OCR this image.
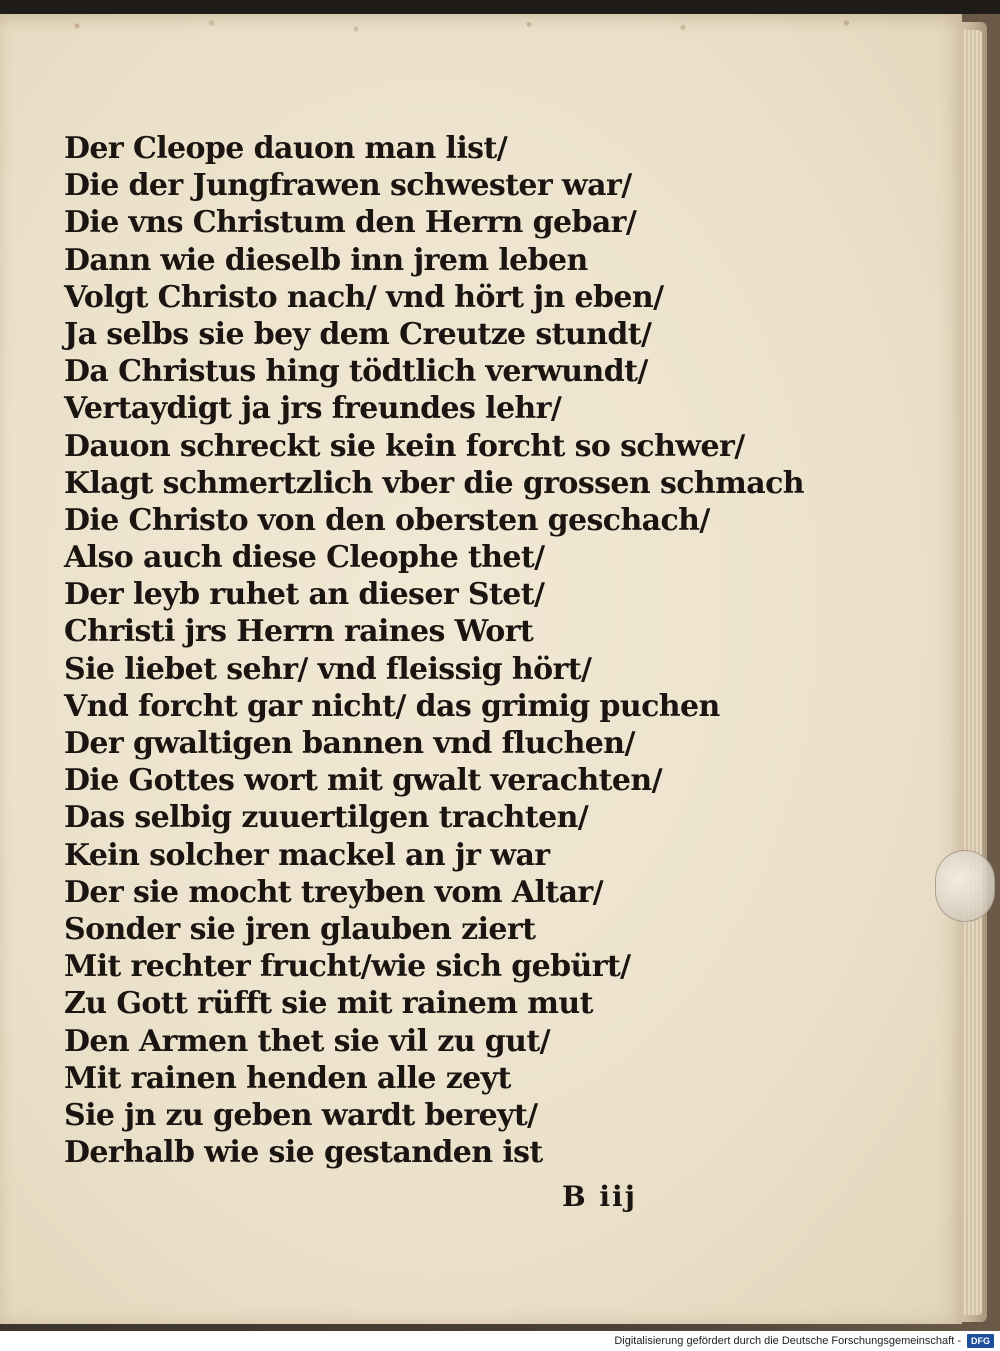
Der Cleope dauon man list/
Die der Jungfrawen schwester war/
Die vns Christum den Herrn gebar/
Dann wie dieselb inn jrem leben
Volgt Christo nach/ vnd hört jn eben/
Ja selbs sie bey dem Creutze stundt/
Da Christus hing tödtlich verwundt/
Vertaydigt ja jrs freundes lehr/
Dauon schreckt sie kein forcht so schwer/
Klagt schmertzlich vber die grossen schmach
Die Christo von den obersten geschach/
Also auch diese Cleophe thet/
Der leyb ruhet an dieser Stet/
Christi jrs Herrn raines Wort
Sie liebet sehr/ vnd fleissig hört/
Vnd forcht gar nicht/ das grimig puchen
Der gwaltigen bannen vnd fluchen/
Die Gottes wort mit gwalt verachten/
Das selbig zuuertilgen trachten/
Kein solcher mackel an jr war
Der sie mocht treyben vom Altar/
Sonder sie jren glauben ziert
Mit rechter frucht/wie sich gebürt/
Zu Gott rüfft sie mit rainem mut
Den Armen thet sie vil zu gut/
Mit rainen henden alle zeyt
Sie jn zu geben wardt bereyt/
Derhalb wie sie gestanden ist
B iij
Digitalisierung gefördert durch die Deutsche Forschungsgemeinschaft -	DFG
